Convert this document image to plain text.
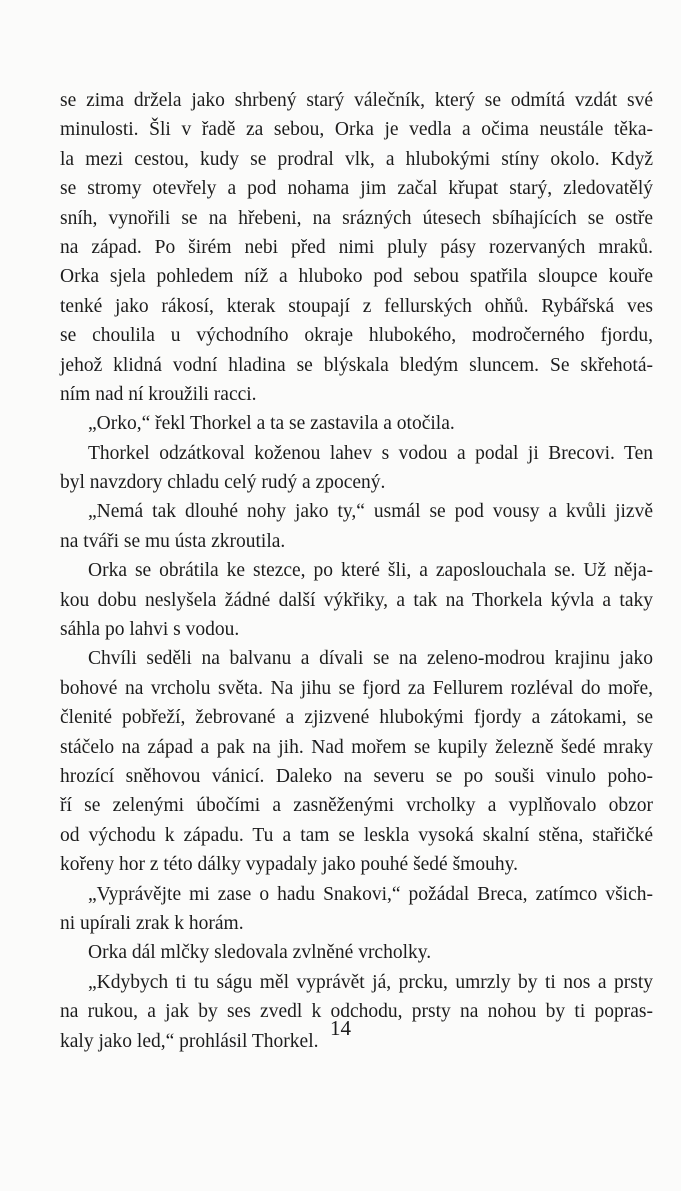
se zima držela jako shrbený starý válečník, který se odmítá vzdát své
minulosti. Šli v řadě za sebou, Orka je vedla a očima neustále těka-
la mezi cestou, kudy se prodral vlk, a hlubokými stíny okolo. Když
se stromy otevřely a pod nohama jim začal křupat starý, zledovatělý
sníh, vynořili se na hřebeni, na srázných útesech sbíhajících se ostře
na západ. Po širém nebi před nimi pluly pásy rozervaných mraků.
Orka sjela pohledem níž a hluboko pod sebou spatřila sloupce kouře
tenké jako rákosí, kterak stoupají z fellurských ohňů. Rybářská ves
se choulila u východního okraje hlubokého, modročerného fjordu,
jehož klidná vodní hladina se blýskala bledým sluncem. Se skřehotá-
ním nad ní kroužili racci.
„Orko,“ řekl Thorkel a ta se zastavila a otočila.
Thorkel odzátkoval koženou lahev s vodou a podal ji Brecovi. Ten
byl navzdory chladu celý rudý a zpocený.
„Nemá tak dlouhé nohy jako ty,“ usmál se pod vousy a kvůli jizvě
na tváři se mu ústa zkroutila.
Orka se obrátila ke stezce, po které šli, a zaposlouchala se. Už něja-
kou dobu neslyšela žádné další výkřiky, a tak na Thorkela kývla a taky
sáhla po lahvi s vodou.
Chvíli seděli na balvanu a dívali se na zeleno-modrou krajinu jako
bohové na vrcholu světa. Na jihu se fjord za Fellurem rozléval do moře,
členité pobřeží, žebrované a zjizvené hlubokými fjordy a zátokami, se
stáčelo na západ a pak na jih. Nad mořem se kupily železně šedé mraky
hrozící sněhovou vánicí. Daleko na severu se po souši vinulo poho-
ří se zelenými úbočími a zasněženými vrcholky a vyplňovalo obzor
od východu k západu. Tu a tam se leskla vysoká skalní stěna, stařičké
kořeny hor z této dálky vypadaly jako pouhé šedé šmouhy.
„Vyprávějte mi zase o hadu Snakovi,“ požádal Breca, zatímco všich-
ni upírali zrak k horám.
Orka dál mlčky sledovala zvlněné vrcholky.
„Kdybych ti tu ságu měl vyprávět já, prcku, umrzly by ti nos a prsty
na rukou, a jak by ses zvedl k odchodu, prsty na nohou by ti popras-
kaly jako led,“ prohlásil Thorkel.
14
